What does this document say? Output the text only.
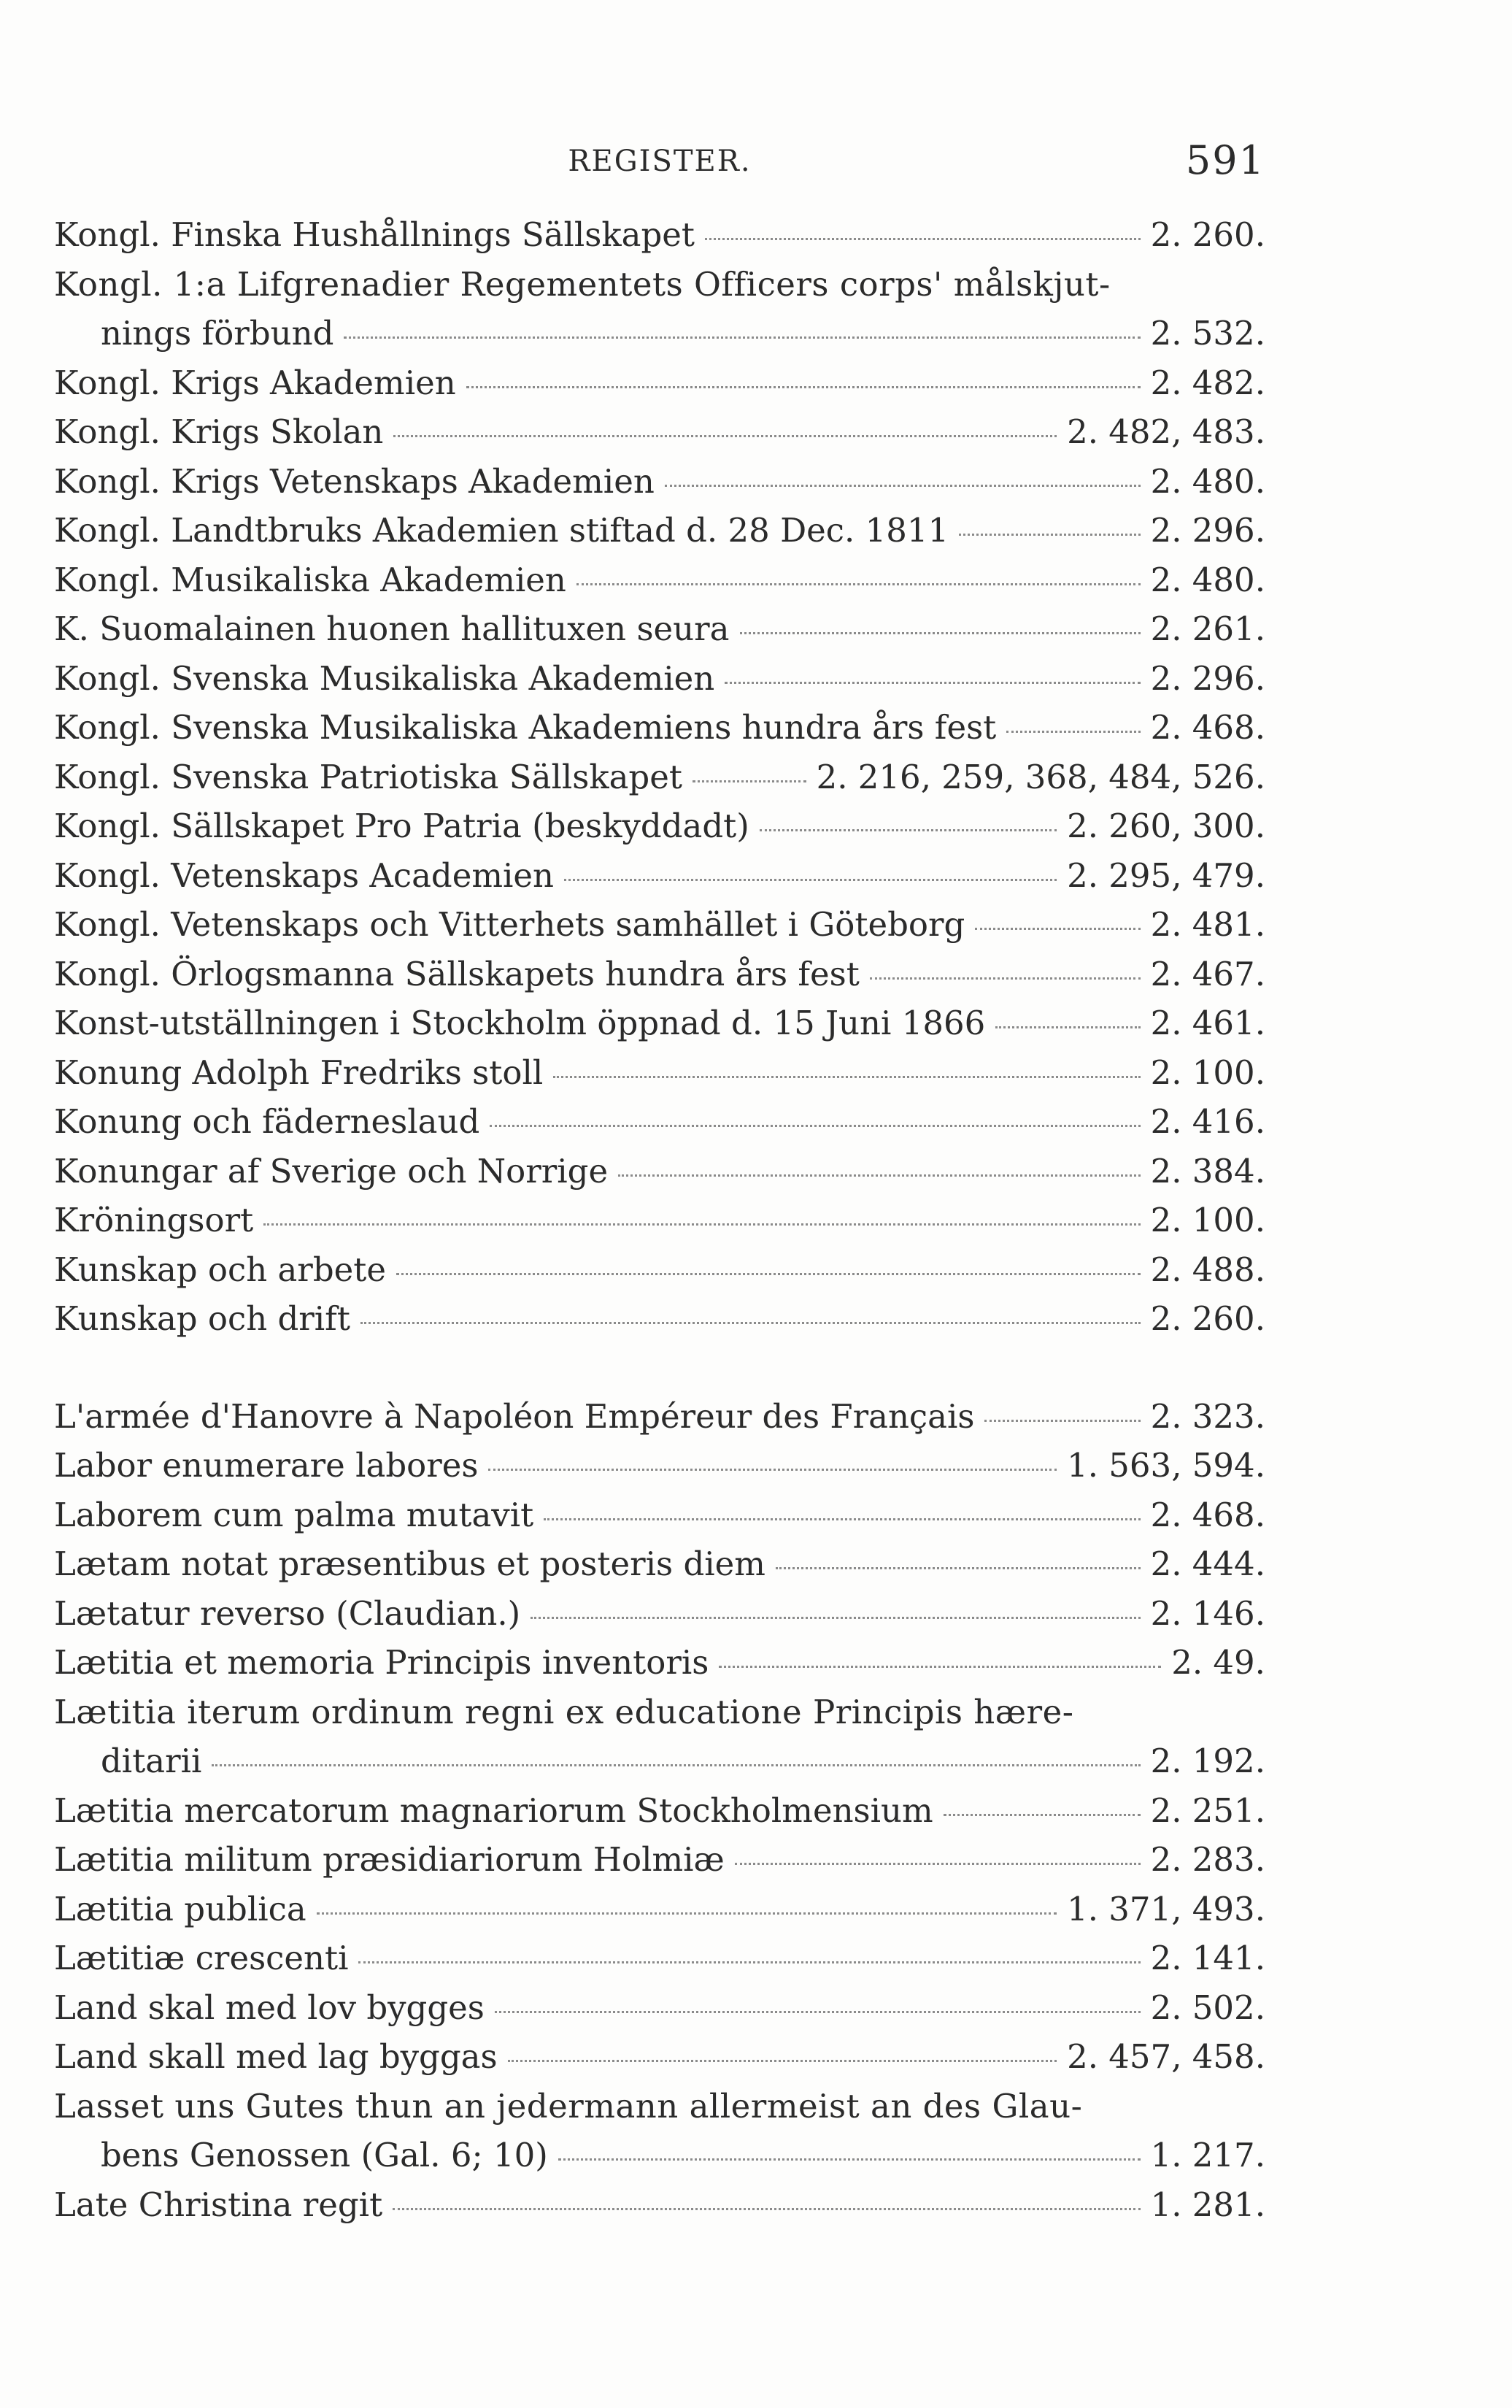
REGISTER.	591
Kongl. Finska Hushållnings Sällskapet	2. 260.
Kongl. 1:a Lifgrenadier Regementets Officers corps' målskjut-
nings förbund	2. 532.
Kongl. Krigs Akademien	2. 482.
Kongl. Krigs Skolan	2. 482, 483.
Kongl. Krigs Vetenskaps Akademien	2. 480.
Kongl. Landtbruks Akademien stiftad d. 28 Dec. 1811	2. 296.
Kongl. Musikaliska Akademien	2. 480.
K. Suomalainen huonen hallituxen seura	2. 261.
Kongl. Svenska Musikaliska Akademien	2. 296.
Kongl. Svenska Musikaliska Akademiens hundra års fest	2. 468.
Kongl. Svenska Patriotiska Sällskapet	2. 216, 259, 368, 484, 526.
Kongl. Sällskapet Pro Patria (beskyddadt)	2. 260, 300.
Kongl. Vetenskaps Academien	2. 295, 479.
Kongl. Vetenskaps och Vitterhets samhället i Göteborg	2. 481.
Kongl. Örlogsmanna Sällskapets hundra års fest	2. 467.
Konst-utställningen i Stockholm öppnad d. 15 Juni 1866	2. 461.
Konung Adolph Fredriks stoll	2. 100.
Konung och fäderneslaud	2. 416.
Konungar af Sverige och Norrige	2. 384.
Kröningsort	2. 100.
Kunskap och arbete	2. 488.
Kunskap och drift	2. 260.
L'armée d'Hanovre à Napoléon Empéreur des Français	2. 323.
Labor enumerare labores	1. 563, 594.
Laborem cum palma mutavit	2. 468.
Lætam notat præsentibus et posteris diem	2. 444.
Lætatur reverso (Claudian.)	2. 146.
Lætitia et memoria Principis inventoris	2. 49.
Lætitia iterum ordinum regni ex educatione Principis hære-
ditarii	2. 192.
Lætitia mercatorum magnariorum Stockholmensium	2. 251.
Lætitia militum præsidiariorum Holmiæ	2. 283.
Lætitia publica	1. 371, 493.
Lætitiæ crescenti	2. 141.
Land skal med lov bygges	2. 502.
Land skall med lag byggas	2. 457, 458.
Lasset uns Gutes thun an jedermann allermeist an des Glau-
bens Genossen (Gal. 6; 10)	1. 217.
Late Christina regit	1. 281.
